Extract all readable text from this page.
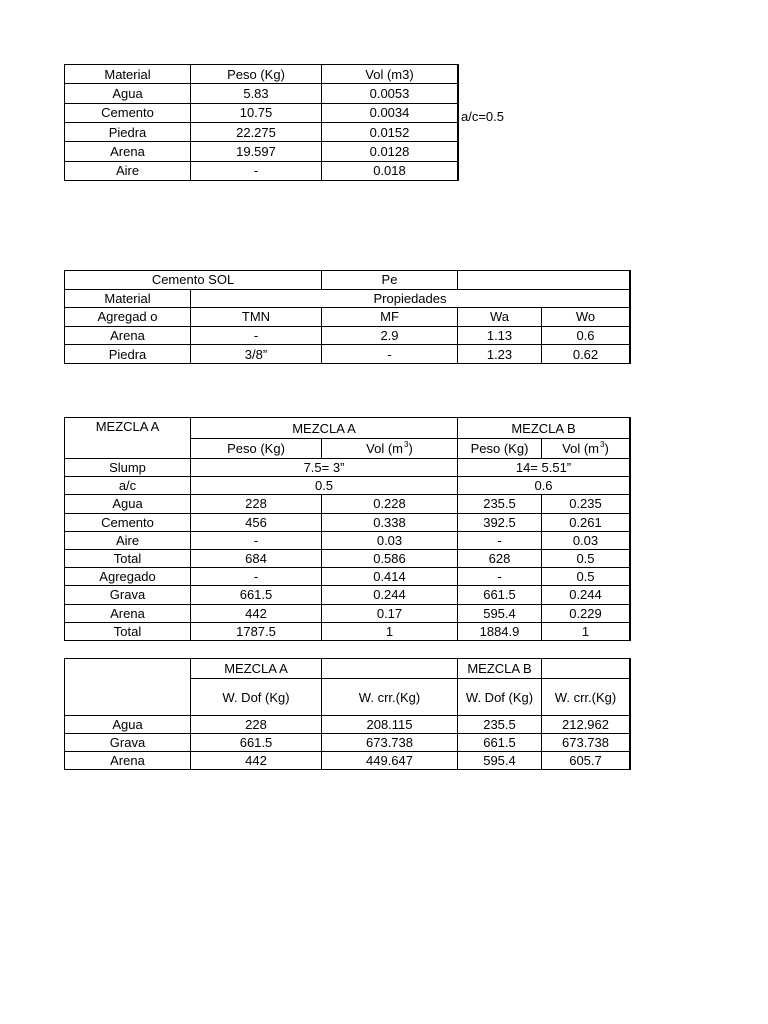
Material	Peso (Kg)	Vol (m3)
Agua	5.83	0.0053
Cemento	10.75	0.0034
Piedra	22.275	0.0152
Arena	19.597	0.0128
Aire	-	0.018
a/c=0.5
Cemento SOL	Pe
Material	Propiedades
Agregad o	TMN	MF	Wa	Wo
Arena	-	2.9	1.13	0.6
Piedra	3/8”	-	1.23	0.62
MEZCLA A	MEZCLA A	MEZCLA B
Peso (Kg)	Vol ($m^3$ )	Peso (Kg)	Vol ($m^3$ )
Slump	7.5= 3”	14= 5.51”
a/c	0.5	0.6
Agua	228	0.228	235.5	0.235
Cemento	456	0.338	392.5	0.261
Aire	-	0.03	-	0.03
Total	684	0.586	628	0.5
Agregado	-	0.414	-	0.5
Grava	661.5	0.244	661.5	0.244
Arena	442	0.17	595.4	0.229
Total	1787.5	1	1884.9	1
MEZCLA A	MEZCLA B
W. Dof (Kg)	W. crr.(Kg)	W. Dof (Kg)	W. crr.(Kg)
Agua	228	208.115	235.5	212.962
Grava	661.5	673.738	661.5	673.738
Arena	442	449.647	595.4	605.7
